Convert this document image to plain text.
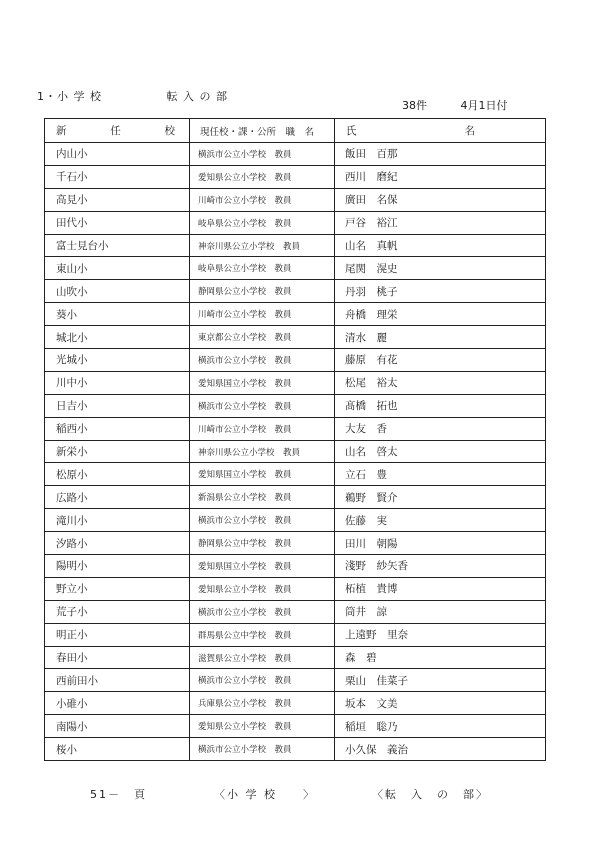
1・小 学 校	転 入 の 部
38件	4月1日付
新 任 校	現任校・課・公所　職　名	氏 名

内山小	横浜市公立小学校　教員	飯田　百那
千石小	愛知県公立小学校　教員	西川　磨紀
高見小	川崎市公立小学校　教員	廣田　名保
田代小	岐阜県公立小学校　教員	戸谷　裕江
富士見台小	神奈川県公立小学校　教員	山名　真帆
東山小	岐阜県公立小学校　教員	尾関　滉史
山吹小	静岡県公立小学校　教員	丹羽　桃子
葵小	川崎市公立小学校　教員	舟橋　理栄
城北小	東京都公立小学校　教員	清水　麗
光城小	横浜市公立小学校　教員	藤原　有花
川中小	愛知県国立小学校　教員	松尾　裕太
日吉小	横浜市公立小学校　教員	髙橋　拓也
稲西小	川崎市公立小学校　教員	大友　香
新栄小	神奈川県公立小学校　教員	山名　啓太
松原小	愛知県国立小学校　教員	立石　豊
広路小	新潟県公立小学校　教員	鵜野　賢介
滝川小	横浜市公立小学校　教員	佐藤　実
汐路小	静岡県公立中学校　教員	田川　朝陽
陽明小	愛知県国立小学校　教員	淺野　紗矢香
野立小	愛知県公立小学校　教員	柘植　貴博
荒子小	横浜市公立小学校　教員	筒井　諒
明正小	群馬県公立中学校　教員	上遠野　里奈
春田小	滋賀県公立小学校　教員	森　碧
西前田小	横浜市公立小学校　教員	栗山　佳菜子
小碓小	兵庫県公立小学校　教員	坂本　文美
南陽小	愛知県公立小学校　教員	稲垣　聡乃
桜小	横浜市公立小学校　教員	小久保　義治
51－　頁	〈小 学 校　　〉	〈転　入　の　部〉
